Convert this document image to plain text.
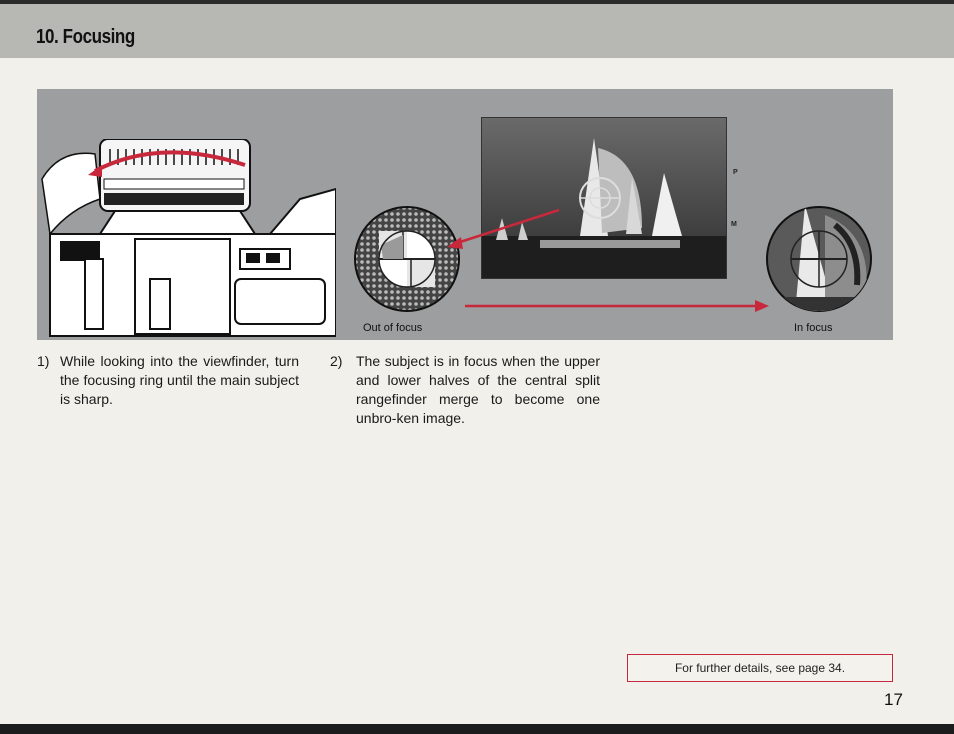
10. Focusing
P
M
Out of focus	In focus
1) While looking into the viewfinder, turn the focusing ring until the main subject is sharp.
2) The subject is in focus when the upper and lower halves of the central split rangefinder merge to become one unbro-ken image.
For further details, see page 34.
17
